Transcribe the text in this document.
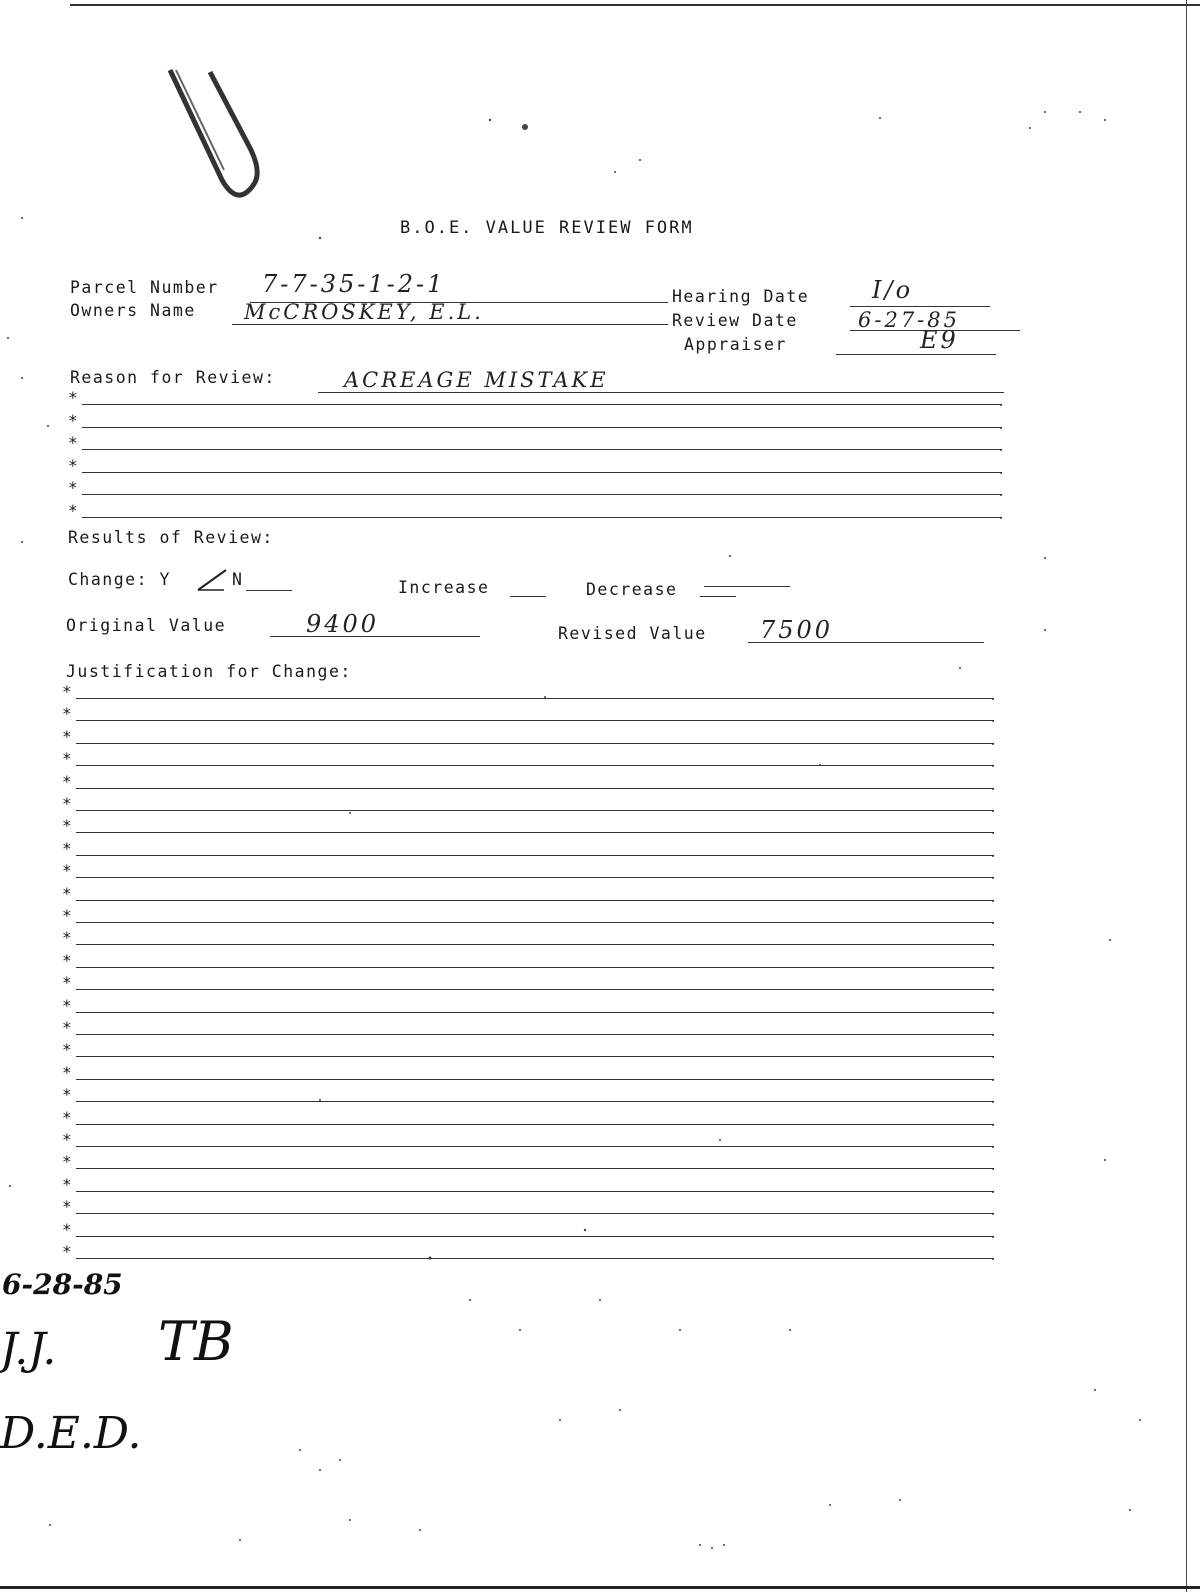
B.O.E. VALUE REVIEW FORM
Parcel Number 7-7-35-1-2-1
Owners Name McCROSKEY, E.L.
Hearing Date	I/o
Review Date	6-27-85
Appraiser	E9
Reason for Review:	ACREAGE MISTAKE
*	.
*	.
*	.
*	.
*	.
*	.
Results of Review:
Change: Y	N	Increase	Decrease
Original Value	9400	Revised Value 7500
Justification for Change:
*	.
*	.
*	.
*	.
*	.
*	.
*	.
*	.
*	.
*	.
*	.
*	.
*	.
*	.
*	.
*	.
*	.
*	.
*	.
*	.
*	.
*	.
*	.
*	.
*	.
*	.
6-28-85
J.J. TB
D.E.D.
